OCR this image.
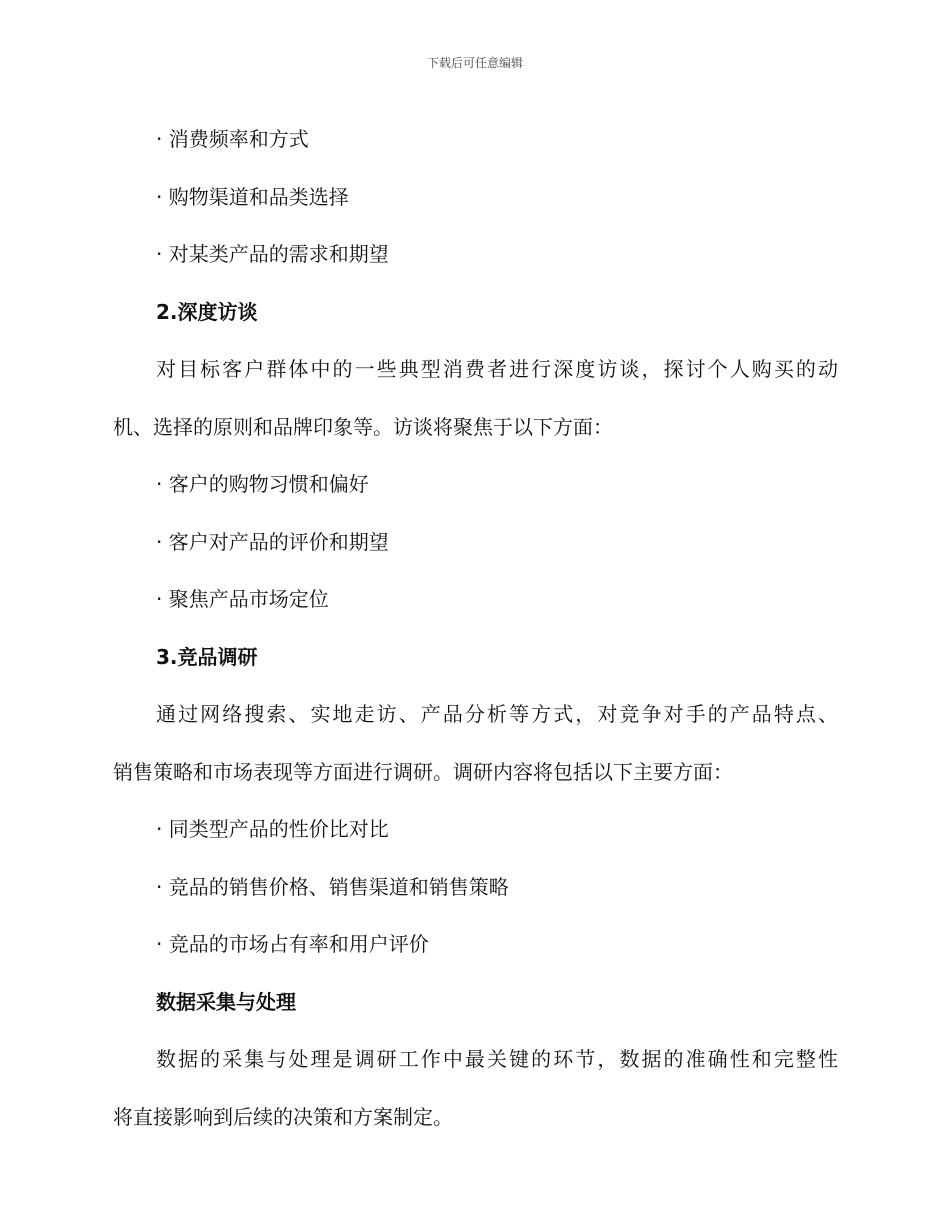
下载后可任意编辑
· 消费频率和方式
· 购物渠道和品类选择
· 对某类产品的需求和期望
2.深度访谈
对目标客户群体中的一些典型消费者进行深度访谈，探讨个人购买的动
机、选择的原则和品牌印象等。访谈将聚焦于以下方面：
· 客户的购物习惯和偏好
· 客户对产品的评价和期望
· 聚焦产品市场定位
3.竞品调研
通过网络搜索、实地走访、产品分析等方式，对竞争对手的产品特点、
销售策略和市场表现等方面进行调研。调研内容将包括以下主要方面：
· 同类型产品的性价比对比
· 竞品的销售价格、销售渠道和销售策略
· 竞品的市场占有率和用户评价
数据采集与处理
数据的采集与处理是调研工作中最关键的环节，数据的准确性和完整性
将直接影响到后续的决策和方案制定。
